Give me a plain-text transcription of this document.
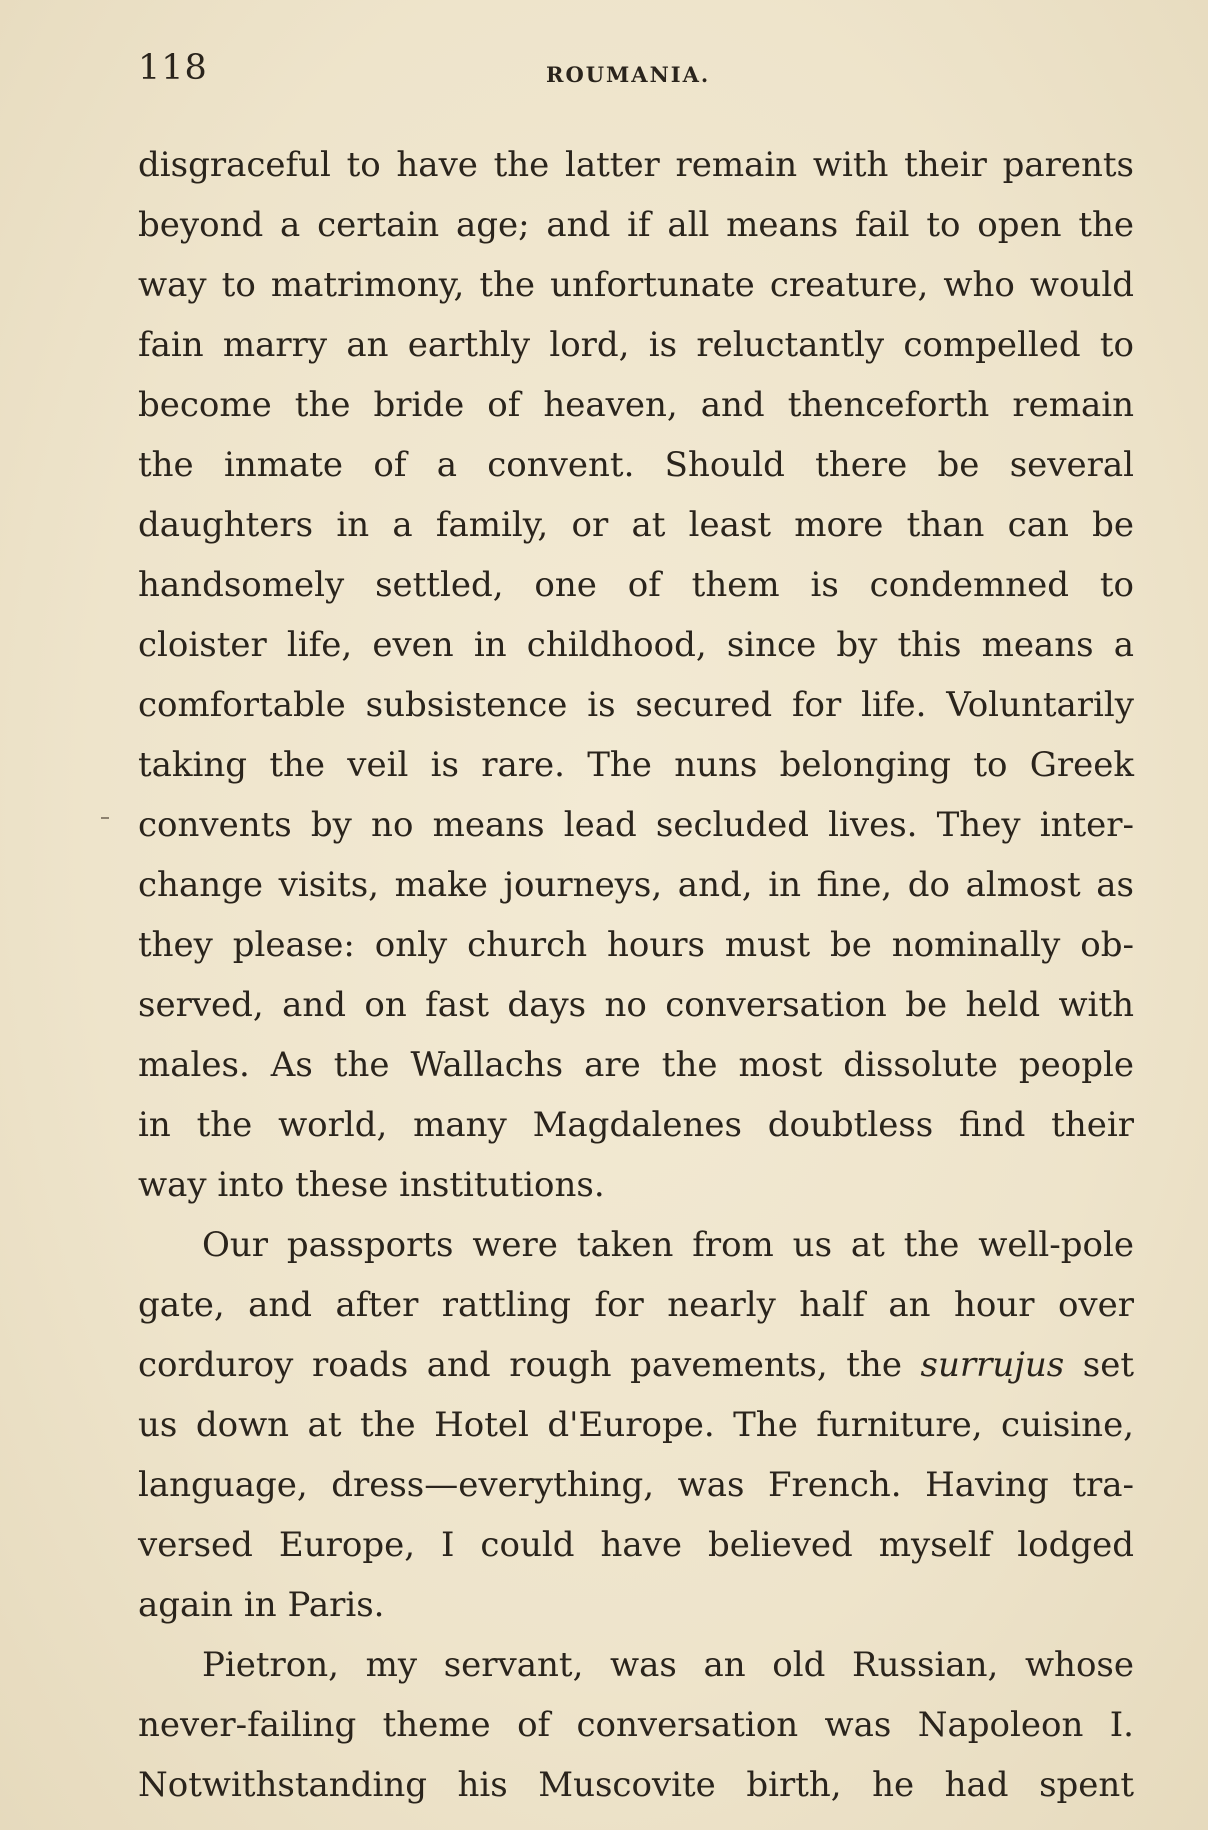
118	ROUMANIA.
disgraceful to have the latter remain with their parents
beyond a certain age; and if all means fail to open the
way to matrimony, the unfortunate creature, who would
fain marry an earthly lord, is reluctantly compelled to
become the bride of heaven, and thenceforth remain
the inmate of a convent. Should there be several
daughters in a family, or at least more than can be
handsomely settled, one of them is condemned to
cloister life, even in childhood, since by this means a
comfortable subsistence is secured for life. Voluntarily
taking the veil is rare. The nuns belonging to Greek
convents by no means lead secluded lives. They inter-
change visits, make journeys, and, in fine, do almost as
they please: only church hours must be nominally ob-
served, and on fast days no conversation be held with
males. As the Wallachs are the most dissolute people
in the world, many Magdalenes doubtless find their
way into these institutions.
Our passports were taken from us at the well-pole
gate, and after rattling for nearly half an hour over
corduroy roads and rough pavements, the surrujus set
us down at the Hotel d'Europe. The furniture, cuisine,
language, dress—everything, was French. Having tra-
versed Europe, I could have believed myself lodged
again in Paris.
Pietron, my servant, was an old Russian, whose
never-failing theme of conversation was Napoleon I.
Notwithstanding his Muscovite birth, he had spent
